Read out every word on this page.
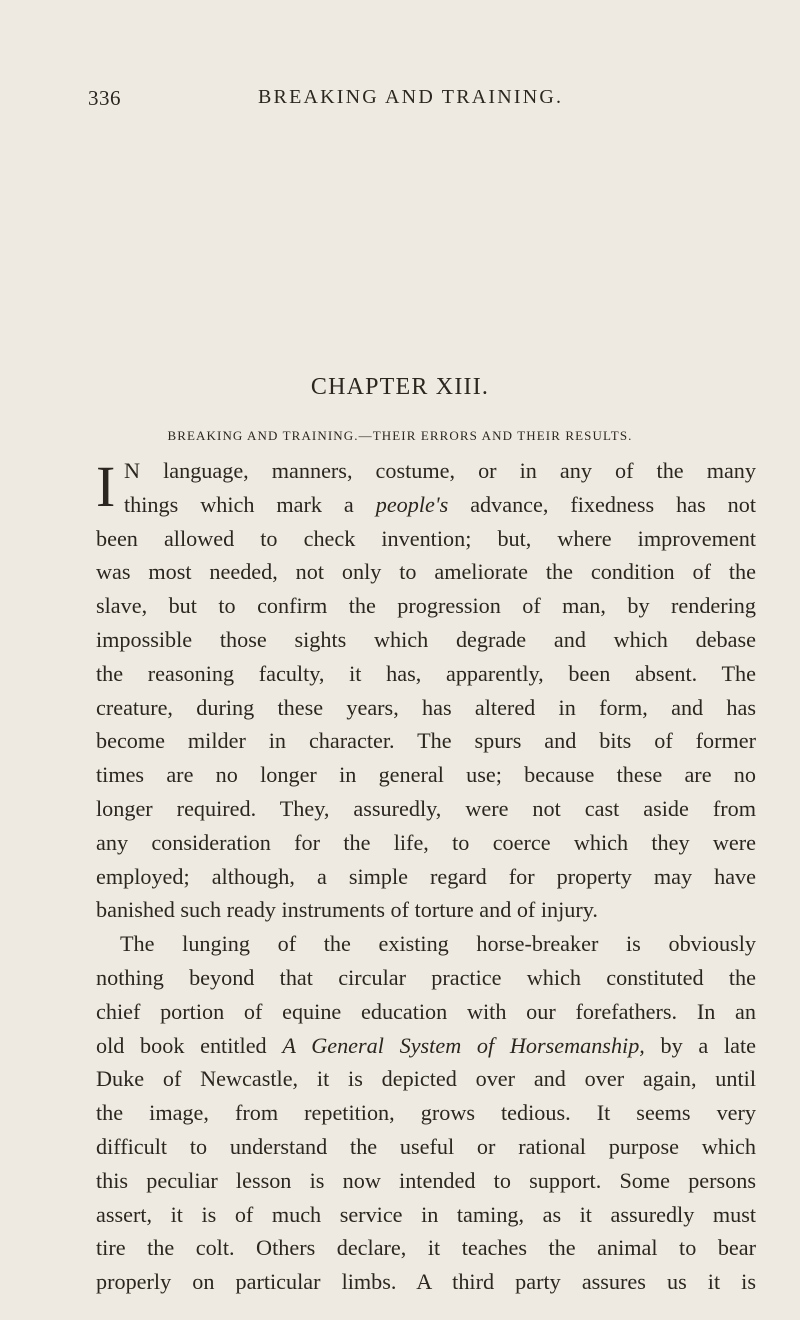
336	BREAKING AND TRAINING.
CHAPTER XIII.
BREAKING AND TRAINING.—THEIR ERRORS AND THEIR RESULTS.
I N language, manners, costume, or in any of the many
things which mark a people's advance, fixedness has not
been allowed to check invention; but, where improvement
was most needed, not only to ameliorate the condition of the
slave, but to confirm the progression of man, by rendering
impossible those sights which degrade and which debase
the reasoning faculty, it has, apparently, been absent. The
creature, during these years, has altered in form, and has
become milder in character. The spurs and bits of former
times are no longer in general use; because these are no
longer required. They, assuredly, were not cast aside from
any consideration for the life, to coerce which they were
employed; although, a simple regard for property may have
banished such ready instruments of torture and of injury.
The lunging of the existing horse-breaker is obviously
nothing beyond that circular practice which constituted the
chief portion of equine education with our forefathers. In an
old book entitled A General System of Horsemanship, by a late
Duke of Newcastle, it is depicted over and over again, until
the image, from repetition, grows tedious. It seems very
difficult to understand the useful or rational purpose which
this peculiar lesson is now intended to support. Some persons
assert, it is of much service in taming, as it assuredly must
tire the colt. Others declare, it teaches the animal to bear
properly on particular limbs. A third party assures us it is
